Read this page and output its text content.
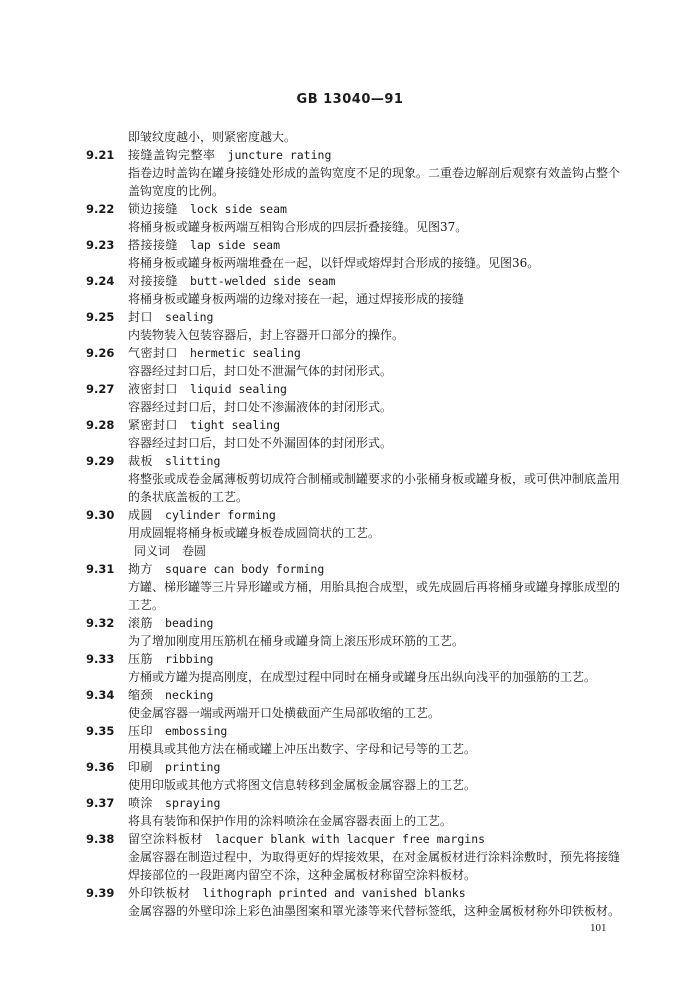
GB 13040—91
即皱纹度越小，则紧密度越大。
9.21	接缝盖钩完整率 juncture rating
指卷边时盖钩在罐身接缝处形成的盖钩宽度不足的现象。二重卷边解剖后观察有效盖钩占整个
盖钩宽度的比例。
9.22	锁边接缝 lock side seam
将桶身板或罐身板两端互相钩合形成的四层折叠接缝。见图37。
9.23	搭接接缝 lap side seam
将桶身板或罐身板两端堆叠在一起，以钎焊或熔焊封合形成的接缝。见图36。
9.24	对接接缝 butt-welded side seam
将桶身板或罐身板两端的边缘对接在一起，通过焊接形成的接缝
9.25	封口 sealing
内装物装入包装容器后，封上容器开口部分的操作。
9.26	气密封口 hermetic sealing
容器经过封口后，封口处不泄漏气体的封闭形式。
9.27	液密封口 liquid sealing
容器经过封口后，封口处不渗漏液体的封闭形式。
9.28	紧密封口 tight sealing
容器经过封口后，封口处不外漏固体的封闭形式。
9.29	裁板 slitting
将整张或成卷金属薄板剪切成符合制桶或制罐要求的小张桶身板或罐身板，或可供冲制底盖用
的条状底盖板的工艺。
9.30	成圆 cylinder forming
用成圆辊将桶身板或罐身板卷成圆筒状的工艺。
同义词　卷圆
9.31	拗方 square can body forming
方罐、梯形罐等三片异形罐或方桶，用胎具抱合成型，或先成圆后再将桶身或罐身撑胀成型的
工艺。
9.32	滚筋 beading
为了增加刚度用压筋机在桶身或罐身筒上滚压形成环筋的工艺。
9.33	压筋 ribbing
方桶或方罐为提高刚度，在成型过程中同时在桶身或罐身压出纵向浅平的加强筋的工艺。
9.34	缩颈 necking
使金属容器一端或两端开口处横截面产生局部收缩的工艺。
9.35	压印 embossing
用模具或其他方法在桶或罐上冲压出数字、字母和记号等的工艺。
9.36	印刷 printing
使用印版或其他方式将图文信息转移到金属板金属容器上的工艺。
9.37	喷涂 spraying
将具有装饰和保护作用的涂料喷涂在金属容器表面上的工艺。
9.38	留空涂料板材 lacquer blank with lacquer free margins
金属容器在制造过程中，为取得更好的焊接效果，在对金属板材进行涂料涂敷时，预先将接缝
焊接部位的一段距离内留空不涂，这种金属板材称留空涂料板材。
9.39	外印铁板材 lithograph printed and vanished blanks
金属容器的外壁印涂上彩色油墨图案和罩光漆等来代替标签纸，这种金属板材称外印铁板材。
101
